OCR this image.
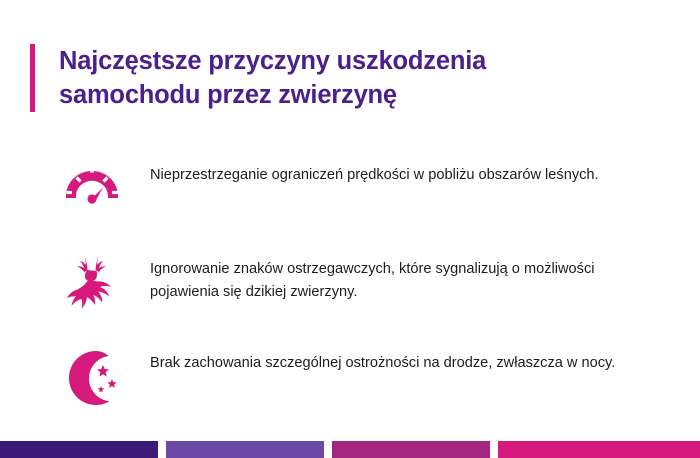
Najczęstsze przyczyny uszkodzenia samochodu przez zwierzynę
Nieprzestrzeganie ograniczeń prędkości w pobliżu obszarów leśnych.
Ignorowanie znaków ostrzegawczych, które sygnalizują o możliwości pojawienia się dzikiej zwierzyny.
Brak zachowania szczególnej ostrożności na drodze, zwłaszcza w nocy.
